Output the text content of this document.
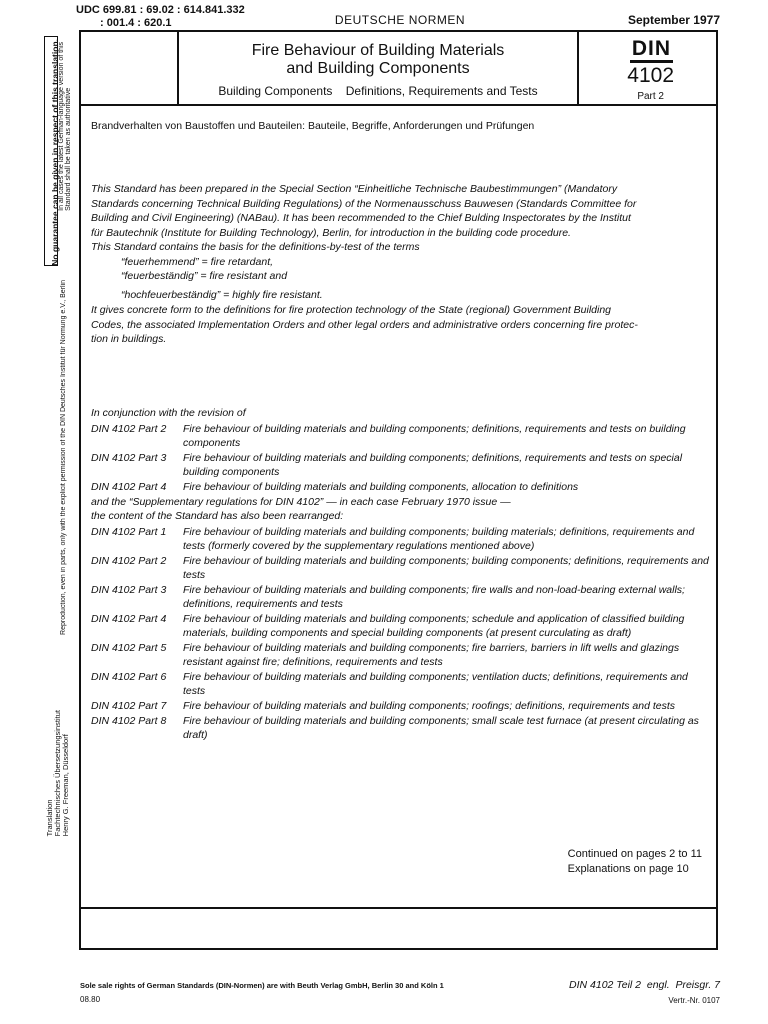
UDC 699.81 : 69.02 : 614.841.332
: 001.4 : 620.1	DEUTSCHE NORMEN	September 1977
No guarantee can be given in respect of this translation.
In all cases the latest German-language version of this
Standard shall be taken as authoritative
Reproduction, even in parts, only with the explicit permission of the DIN Deutsches Institut für Normung e.V., Berlin
Translation
Fachtechnisches Übersetzungsinstitut
Henry G. Freeman, Düsseldorf
Fire Behaviour of Building Materials
and Building Components
Building Components    Definitions, Requirements and Tests
DIN
4102
Part 2
Brandverhalten von Baustoffen und Bauteilen: Bauteile, Begriffe, Anforderungen und Prüfungen
This Standard has been prepared in the Special Section “Einheitliche Technische Baubestimmungen” (Mandatory
Standards concerning Technical Building Regulations) of the Normenausschuss Bauwesen (Standards Committee for
Building and Civil Engineering) (NABau). It has been recommended to the Chief Bulding Inspectorates by the Institut
für Bautechnik (Institute for Building Technology), Berlin, for introduction in the building code procedure.
This Standard contains the basis for the definitions-by-test of the terms
“feuerhemmend” = fire retardant,
“feuerbeständig” = fire resistant and
“hochfeuerbeständig” = highly fire resistant.
It gives concrete form to the definitions for fire protection technology of the State (regional) Government Building
Codes, the associated Implementation Orders and other legal orders and administrative orders concerning fire protec-
tion in buildings.
In conjunction with the revision of
DIN 4102 Part 2	Fire behaviour of building materials and building components; definitions, requirements and tests on building components
DIN 4102 Part 3	Fire behaviour of building materials and building components; definitions, requirements and tests on special building components
DIN 4102 Part 4	Fire behaviour of building materials and building components, allocation to definitions
and the “Supplementary regulations for DIN 4102” — in each case February 1970 issue —
the content of the Standard has also been rearranged:
DIN 4102 Part 1	Fire behaviour of building materials and building components; building materials; definitions, requirements and tests (formerly covered by the supplementary regulations mentioned above)
DIN 4102 Part 2	Fire behaviour of building materials and building components; building components; definitions, requirements and tests
DIN 4102 Part 3	Fire behaviour of building materials and building components; fire walls and non-load-bearing external walls; definitions, requirements and tests
DIN 4102 Part 4	Fire behaviour of building materials and building components; schedule and application of classified building materials, building components and special building components (at present curculating as draft)
DIN 4102 Part 5	Fire behaviour of building materials and building components; fire barriers, barriers in lift wells and glazings resistant against fire; definitions, requirements and tests
DIN 4102 Part 6	Fire behaviour of building materials and building components; ventilation ducts; definitions, requirements and tests
DIN 4102 Part 7	Fire behaviour of building materials and building components; roofings; definitions, requirements and tests
DIN 4102 Part 8	Fire behaviour of building materials and building components; small scale test furnace (at present circulating as draft)
Continued on pages 2 to 11
Explanations on page 10
Sole sale rights of German Standards (DIN-Normen) are with Beuth Verlag GmbH, Berlin 30 and Köln 1
08.80
DIN 4102 Teil 2  engl.  Preisgr. 7
Vertr.-Nr. 0107
